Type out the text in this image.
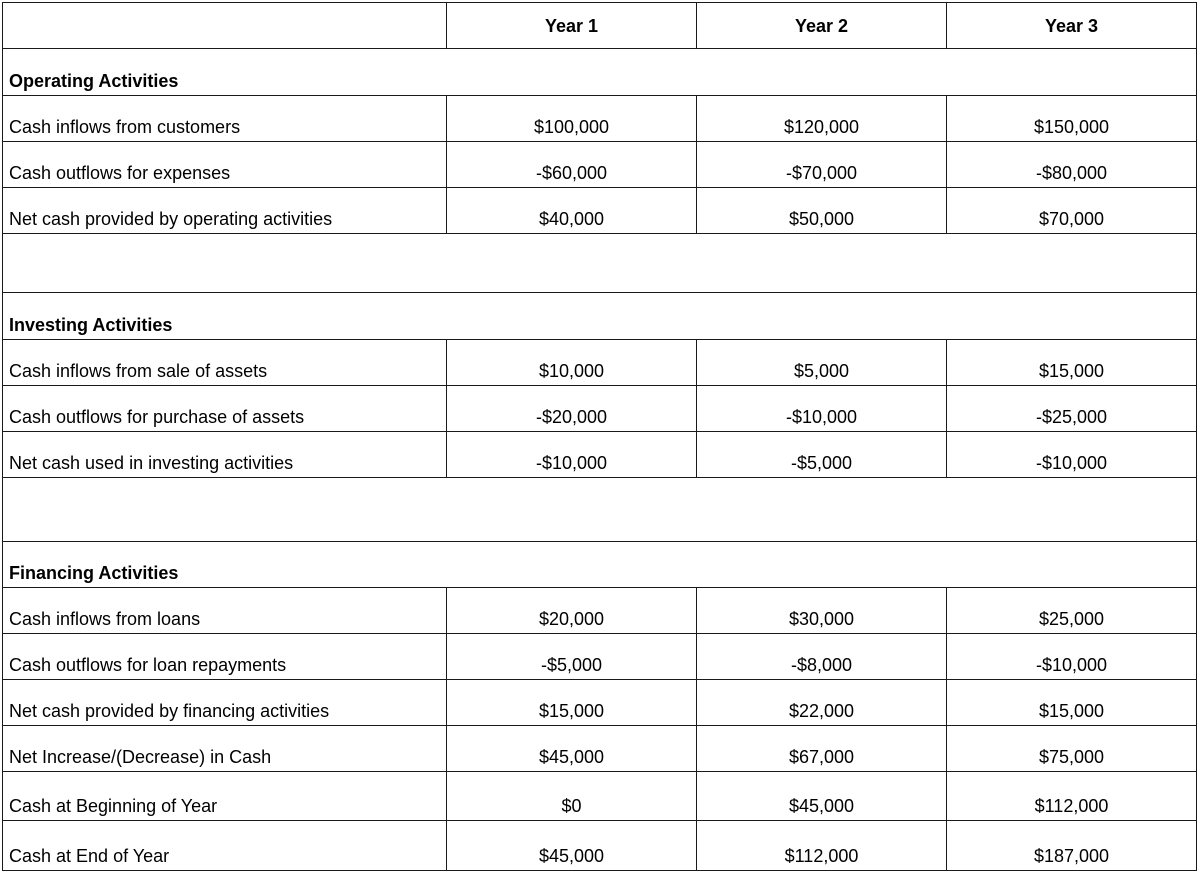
	Year 1	Year 2	Year 3
Operating Activities			
Cash inflows from customers	$100,000	$120,000	$150,000
Cash outflows for expenses	-$60,000	-$70,000	-$80,000
Net cash provided by operating activities	$40,000	$50,000	$70,000

Investing Activities			
Cash inflows from sale of assets	$10,000	$5,000	$15,000
Cash outflows for purchase of assets	-$20,000	-$10,000	-$25,000
Net cash used in investing activities	-$10,000	-$5,000	-$10,000

Financing Activities			
Cash inflows from loans	$20,000	$30,000	$25,000
Cash outflows for loan repayments	-$5,000	-$8,000	-$10,000
Net cash provided by financing activities	$15,000	$22,000	$15,000
Net Increase/(Decrease) in Cash	$45,000	$67,000	$75,000
Cash at Beginning of Year	$0	$45,000	$112,000
Cash at End of Year	$45,000	$112,000	$187,000
